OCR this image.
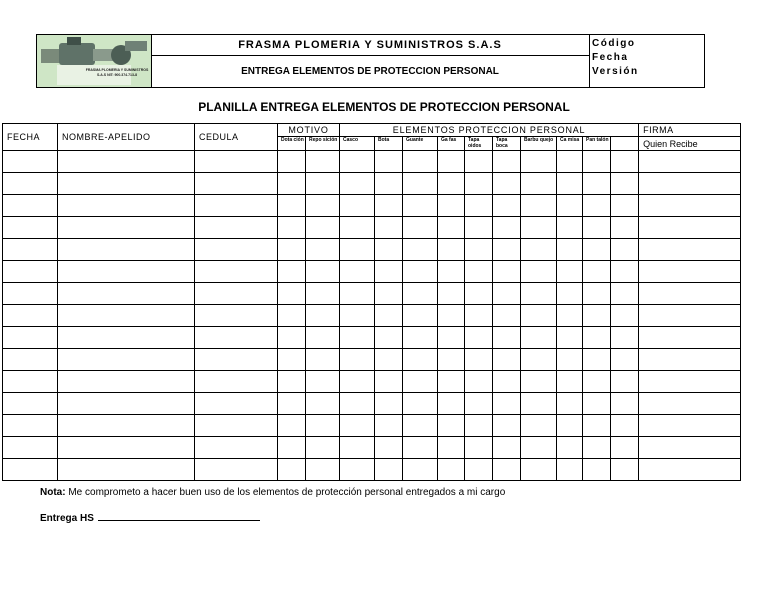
FRASMA PLOMERIA Y SUMINISTROS S.A.S NIT: 900.374.713-8
FRASMA PLOMERIA Y SUMINISTROS S.A.S
ENTREGA ELEMENTOS DE PROTECCION PERSONAL
Código
Fecha
Versión
PLANILLA ENTREGA ELEMENTOS DE PROTECCION PERSONAL
FECHA	NOMBRE-APELIDO	CEDULA	MOTIVO		ELEMENTOS PROTECCION PERSONAL										FIRMA
			Dota ción	Repo sición	Casco	Bota	Guante	Ga fas	Tapa oidos	Tapa boca	Barbu quejo	Ca misa	Pan talón		Quien Recibe

Nota: Me comprometo a hacer buen uso de los elementos de protección personal entregados a mi cargo
Entrega HS
